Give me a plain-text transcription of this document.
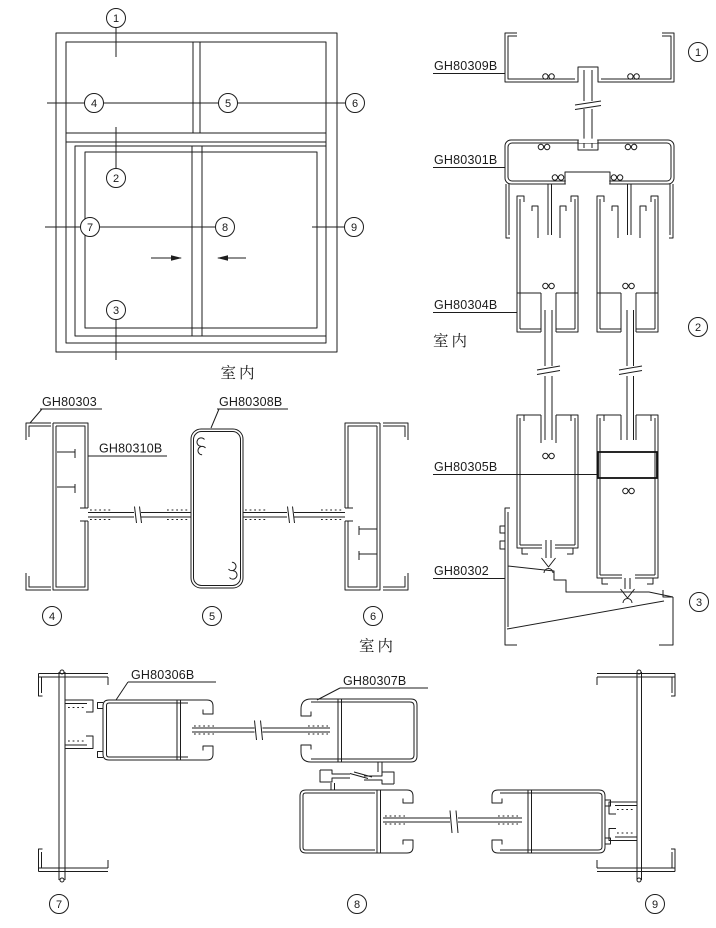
1
2
3
4	5	6
7	8	9
室内
GH80309B
GH80301B
GH80304B
GH80305B
GH80302
室内
1
2
3
GH80303
GH80310B
GH80308B
室内
4	5	6
GH80306B	GH80307B
7	8	9
